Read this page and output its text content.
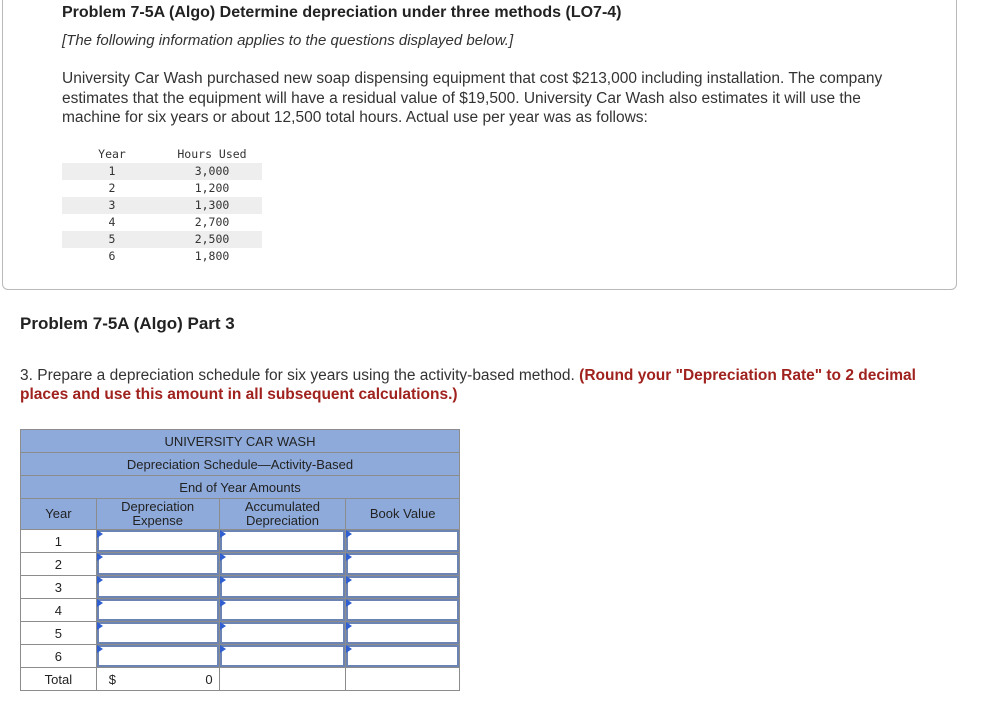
Problem 7-5A (Algo) Determine depreciation under three methods (LO7-4)
[The following information applies to the questions displayed below.]
University Car Wash purchased new soap dispensing equipment that cost $213,000 including installation. The company estimates that the equipment will have a residual value of $19,500. University Car Wash also estimates it will use the machine for six years or about 12,500 total hours. Actual use per year was as follows:
Year	Hours Used
1	3,000
2	1,200
3	1,300
4	2,700
5	2,500
6	1,800
Problem 7-5A (Algo) Part 3
3. Prepare a depreciation schedule for six years using the activity-based method. (Round your "Depreciation Rate" to 2 decimal places and use this amount in all subsequent calculations.)
UNIVERSITY CAR WASH			
Depreciation Schedule—Activity-Based			
End of Year Amounts			
Year	Depreciation Expense	Accumulated Depreciation	Book Value
1	

2	

3	

4	

5	

6	

Total	$ 0		
